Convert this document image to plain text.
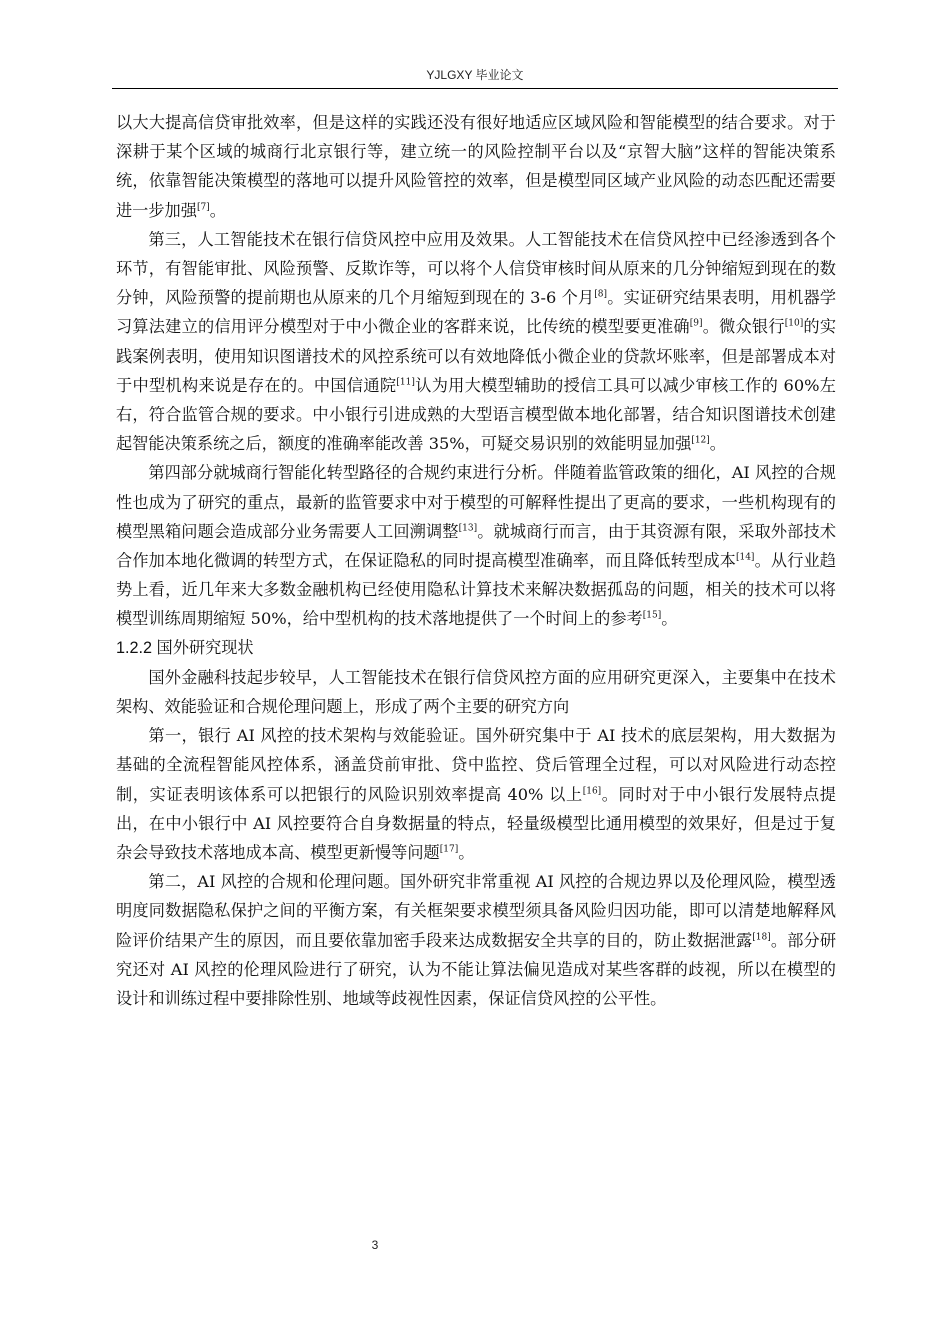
YJLGXY 毕业论文

以大大提高信贷审批效率，但是这样的实践还没有很好地适应区域风险和智能模型的结合要求。对于深耕于某个区域的城商行北京银行等，建立统一的风险控制平台以及“京智大脑”这样的智能决策系统，依靠智能决策模型的落地可以提升风险管控的效率，但是模型同区域产业风险的动态匹配还需要进一步加强[7]。

第三，人工智能技术在银行信贷风控中应用及效果。人工智能技术在信贷风控中已经渗透到各个环节，有智能审批、风险预警、反欺诈等，可以将个人信贷审核时间从原来的几分钟缩短到现在的数分钟，风险预警的提前期也从原来的几个月缩短到现在的 3-6 个月[8]。实证研究结果表明，用机器学习算法建立的信用评分模型对于中小微企业的客群来说，比传统的模型要更准确[9]。微众银行[10]的实践案例表明，使用知识图谱技术的风控系统可以有效地降低小微企业的贷款坏账率，但是部署成本对于中型机构来说是存在的。中国信通院[11]认为用大模型辅助的授信工具可以减少审核工作的 60%左右，符合监管合规的要求。中小银行引进成熟的大型语言模型做本地化部署，结合知识图谱技术创建起智能决策系统之后，额度的准确率能改善 35%，可疑交易识别的效能明显加强[12]。

第四部分就城商行智能化转型路径的合规约束进行分析。伴随着监管政策的细化，AI 风控的合规性也成为了研究的重点，最新的监管要求中对于模型的可解释性提出了更高的要求，一些机构现有的模型黑箱问题会造成部分业务需要人工回溯调整[13]。就城商行而言，由于其资源有限，采取外部技术合作加本地化微调的转型方式，在保证隐私的同时提高模型准确率，而且降低转型成本[14]。从行业趋势上看，近几年来大多数金融机构已经使用隐私计算技术来解决数据孤岛的问题，相关的技术可以将模型训练周期缩短 50%，给中型机构的技术落地提供了一个时间上的参考[15]。

1.2.2 国外研究现状

国外金融科技起步较早，人工智能技术在银行信贷风控方面的应用研究更深入，主要集中在技术架构、效能验证和合规伦理问题上，形成了两个主要的研究方向

第一，银行 AI 风控的技术架构与效能验证。国外研究集中于 AI 技术的底层架构，用大数据为基础的全流程智能风控体系，涵盖贷前审批、贷中监控、贷后管理全过程，可以对风险进行动态控制，实证表明该体系可以把银行的风险识别效率提高 40% 以上[16]。同时对于中小银行发展特点提出，在中小银行中 AI 风控要符合自身数据量的特点，轻量级模型比通用模型的效果好，但是过于复杂会导致技术落地成本高、模型更新慢等问题[17]。

第二，AI 风控的合规和伦理问题。国外研究非常重视 AI 风控的合规边界以及伦理风险，模型透明度同数据隐私保护之间的平衡方案，有关框架要求模型须具备风险归因功能，即可以清楚地解释风险评价结果产生的原因，而且要依靠加密手段来达成数据安全共享的目的，防止数据泄露[18]。部分研究还对 AI 风控的伦理风险进行了研究，认为不能让算法偏见造成对某些客群的歧视，所以在模型的设计和训练过程中要排除性别、地域等歧视性因素，保证信贷风控的公平性。

3
